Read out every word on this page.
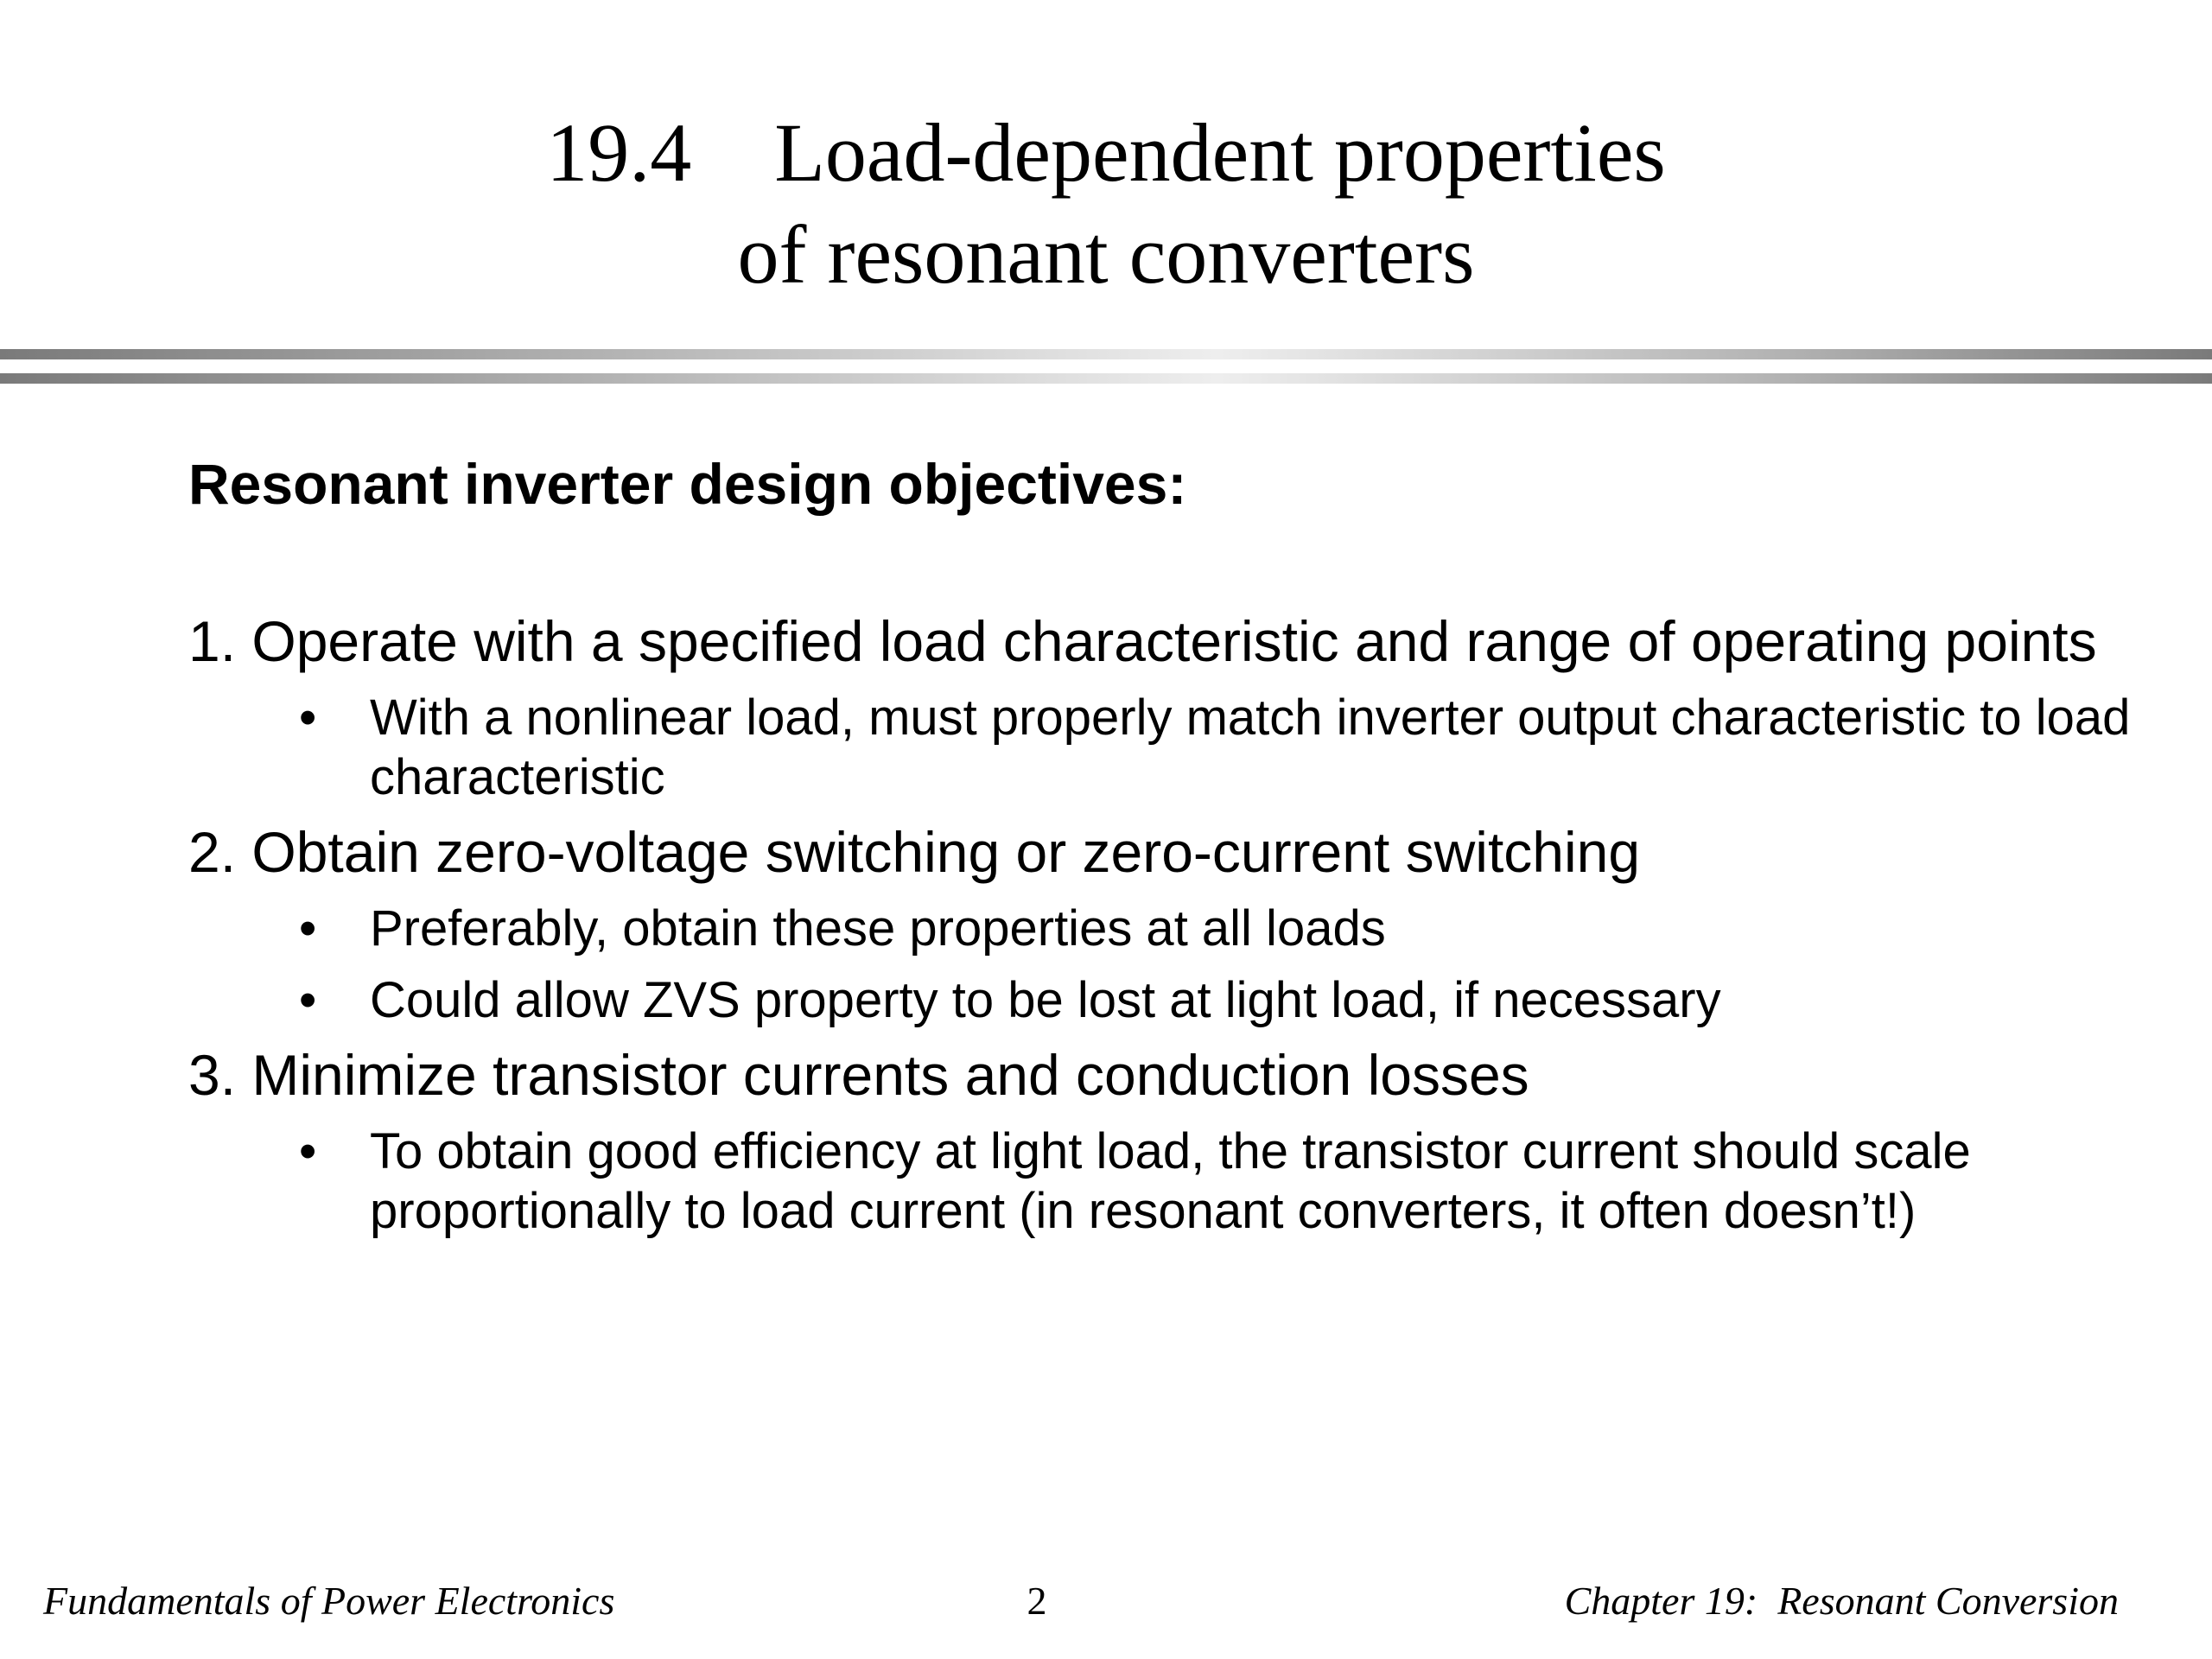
19.4 Load-dependent properties
of resonant converters
Resonant inverter design objectives:
1. Operate with a specified load characteristic and range of operating points
• With a nonlinear load, must properly match inverter output characteristic to load characteristic
2. Obtain zero-voltage switching or zero-current switching
• Preferably, obtain these properties at all loads
• Could allow ZVS property to be lost at light load, if necessary
3. Minimize transistor currents and conduction losses
• To obtain good efficiency at light load, the transistor current should scale proportionally to load current (in resonant converters, it often doesn’t!)
Fundamentals of Power Electronics	2	Chapter 19:  Resonant Conversion
